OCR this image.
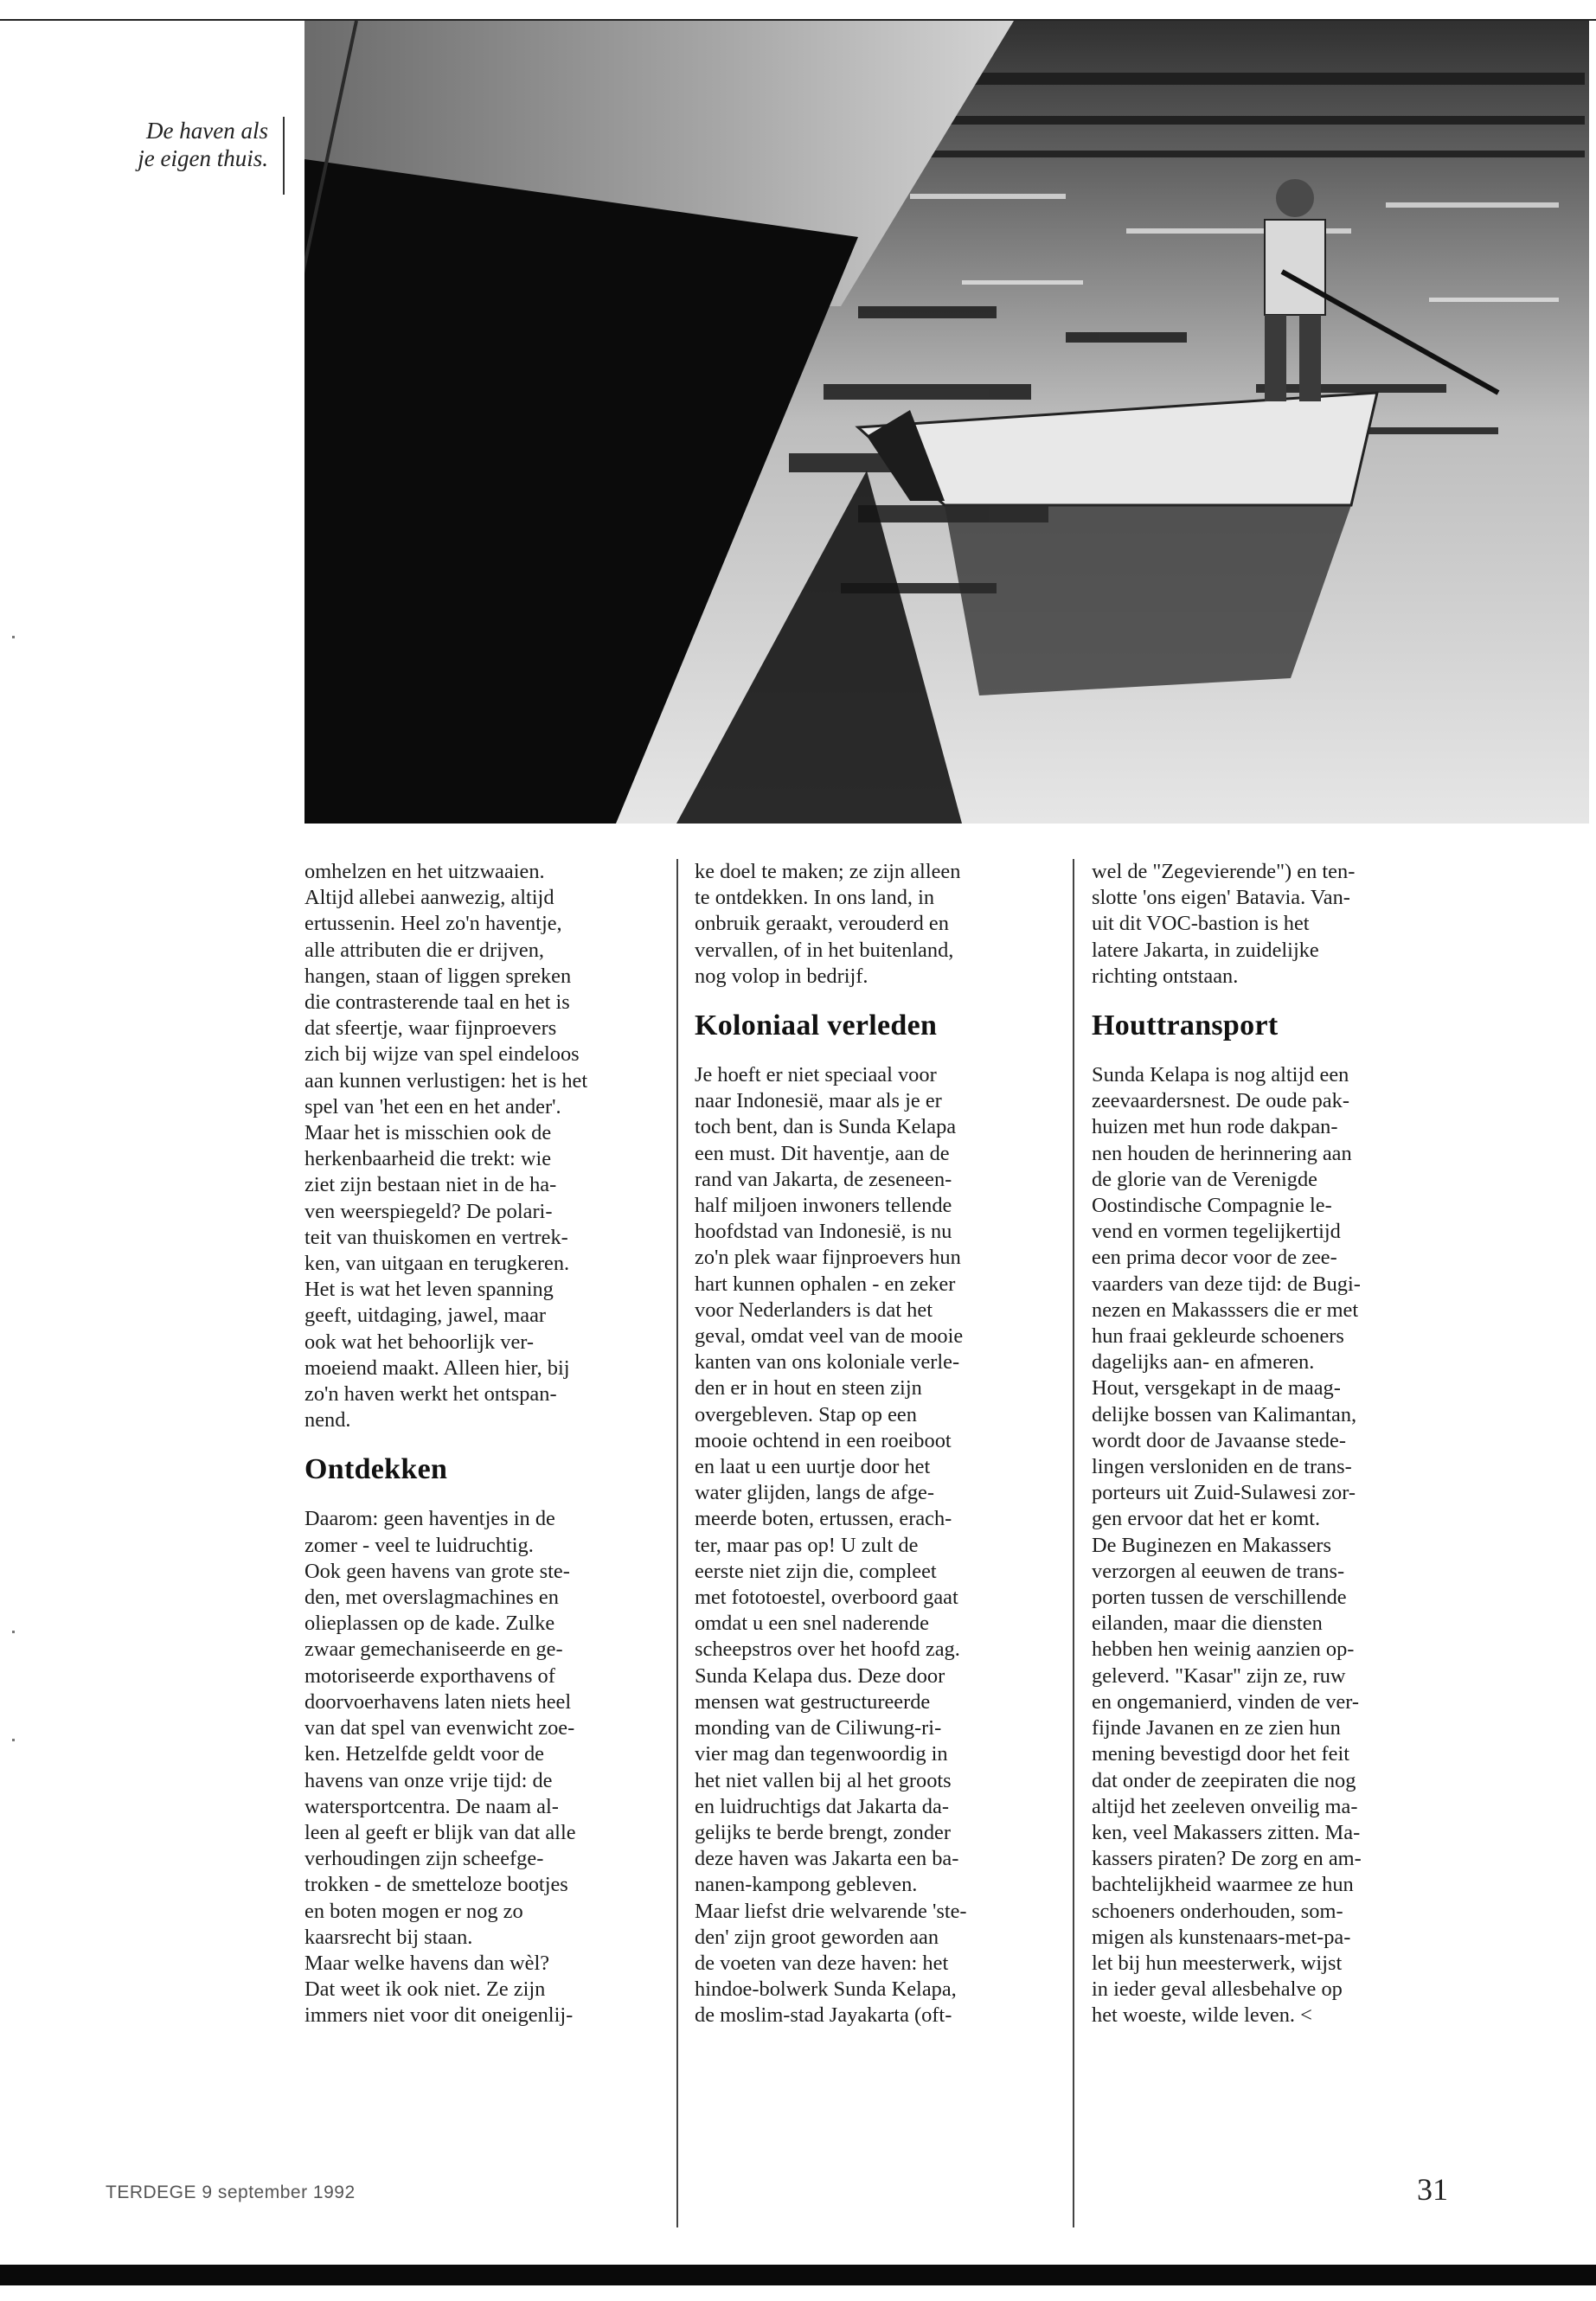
De haven als
je eigen thuis.
omhelzen en het uitzwaaien.
Altijd allebei aanwezig, altijd
ertussenin. Heel zo'n haventje,
alle attributen die er drijven,
hangen, staan of liggen spreken
die contrasterende taal en het is
dat sfeertje, waar fijnproevers
zich bij wijze van spel eindeloos
aan kunnen verlustigen: het is het
spel van 'het een en het ander'.
Maar het is misschien ook de
herkenbaarheid die trekt: wie
ziet zijn bestaan niet in de ha-
ven weerspiegeld? De polari-
teit van thuiskomen en vertrek-
ken, van uitgaan en terugkeren.
Het is wat het leven spanning
geeft, uitdaging, jawel, maar
ook wat het behoorlijk ver-
moeiend maakt. Alleen hier, bij
zo'n haven werkt het ontspan-
nend.
Ontdekken
Daarom: geen haventjes in de
zomer - veel te luidruchtig.
Ook geen havens van grote ste-
den, met overslagmachines en
olieplassen op de kade. Zulke
zwaar gemechaniseerde en ge-
motoriseerde exporthavens of
doorvoerhavens laten niets heel
van dat spel van evenwicht zoe-
ken. Hetzelfde geldt voor de
havens van onze vrije tijd: de
watersportcentra. De naam al-
leen al geeft er blijk van dat alle
verhoudingen zijn scheefge-
trokken - de smetteloze bootjes
en boten mogen er nog zo
kaarsrecht bij staan.
Maar welke havens dan wèl?
Dat weet ik ook niet. Ze zijn
immers niet voor dit oneigenlij-
ke doel te maken; ze zijn alleen
te ontdekken. In ons land, in
onbruik geraakt, verouderd en
vervallen, of in het buitenland,
nog volop in bedrijf.
Koloniaal verleden
Je hoeft er niet speciaal voor
naar Indonesië, maar als je er
toch bent, dan is Sunda Kelapa
een must. Dit haventje, aan de
rand van Jakarta, de zeseneen-
half miljoen inwoners tellende
hoofdstad van Indonesië, is nu
zo'n plek waar fijnproevers hun
hart kunnen ophalen - en zeker
voor Nederlanders is dat het
geval, omdat veel van de mooie
kanten van ons koloniale verle-
den er in hout en steen zijn
overgebleven. Stap op een
mooie ochtend in een roeiboot
en laat u een uurtje door het
water glijden, langs de afge-
meerde boten, ertussen, erach-
ter, maar pas op! U zult de
eerste niet zijn die, compleet
met fototoestel, overboord gaat
omdat u een snel naderende
scheepstros over het hoofd zag.
Sunda Kelapa dus. Deze door
mensen wat gestructureerde
monding van de Ciliwung-ri-
vier mag dan tegenwoordig in
het niet vallen bij al het groots
en luidruchtigs dat Jakarta da-
gelijks te berde brengt, zonder
deze haven was Jakarta een ba-
nanen-kampong gebleven.
Maar liefst drie welvarende 'ste-
den' zijn groot geworden aan
de voeten van deze haven: het
hindoe-bolwerk Sunda Kelapa,
de moslim-stad Jayakarta (oft-
wel de "Zegevierende") en ten-
slotte 'ons eigen' Batavia. Van-
uit dit VOC-bastion is het
latere Jakarta, in zuidelijke
richting ontstaan.
Houttransport
Sunda Kelapa is nog altijd een
zeevaardersnest. De oude pak-
huizen met hun rode dakpan-
nen houden de herinnering aan
de glorie van de Verenigde
Oostindische Compagnie le-
vend en vormen tegelijkertijd
een prima decor voor de zee-
vaarders van deze tijd: de Bugi-
nezen en Makasssers die er met
hun fraai gekleurde schoeners
dagelijks aan- en afmeren.
Hout, versgekapt in de maag-
delijke bossen van Kalimantan,
wordt door de Javaanse stede-
lingen versloniden en de trans-
porteurs uit Zuid-Sulawesi zor-
gen ervoor dat het er komt.
De Buginezen en Makassers
verzorgen al eeuwen de trans-
porten tussen de verschillende
eilanden, maar die diensten
hebben hen weinig aanzien op-
geleverd. "Kasar" zijn ze, ruw
en ongemanierd, vinden de ver-
fijnde Javanen en ze zien hun
mening bevestigd door het feit
dat onder de zeepiraten die nog
altijd het zeeleven onveilig ma-
ken, veel Makassers zitten. Ma-
kassers piraten? De zorg en am-
bachtelijkheid waarmee ze hun
schoeners onderhouden, som-
migen als kunstenaars-met-pa-
let bij hun meesterwerk, wijst
in ieder geval allesbehalve op
het woeste, wilde leven. <
TERDEGE 9 september 1992	31
